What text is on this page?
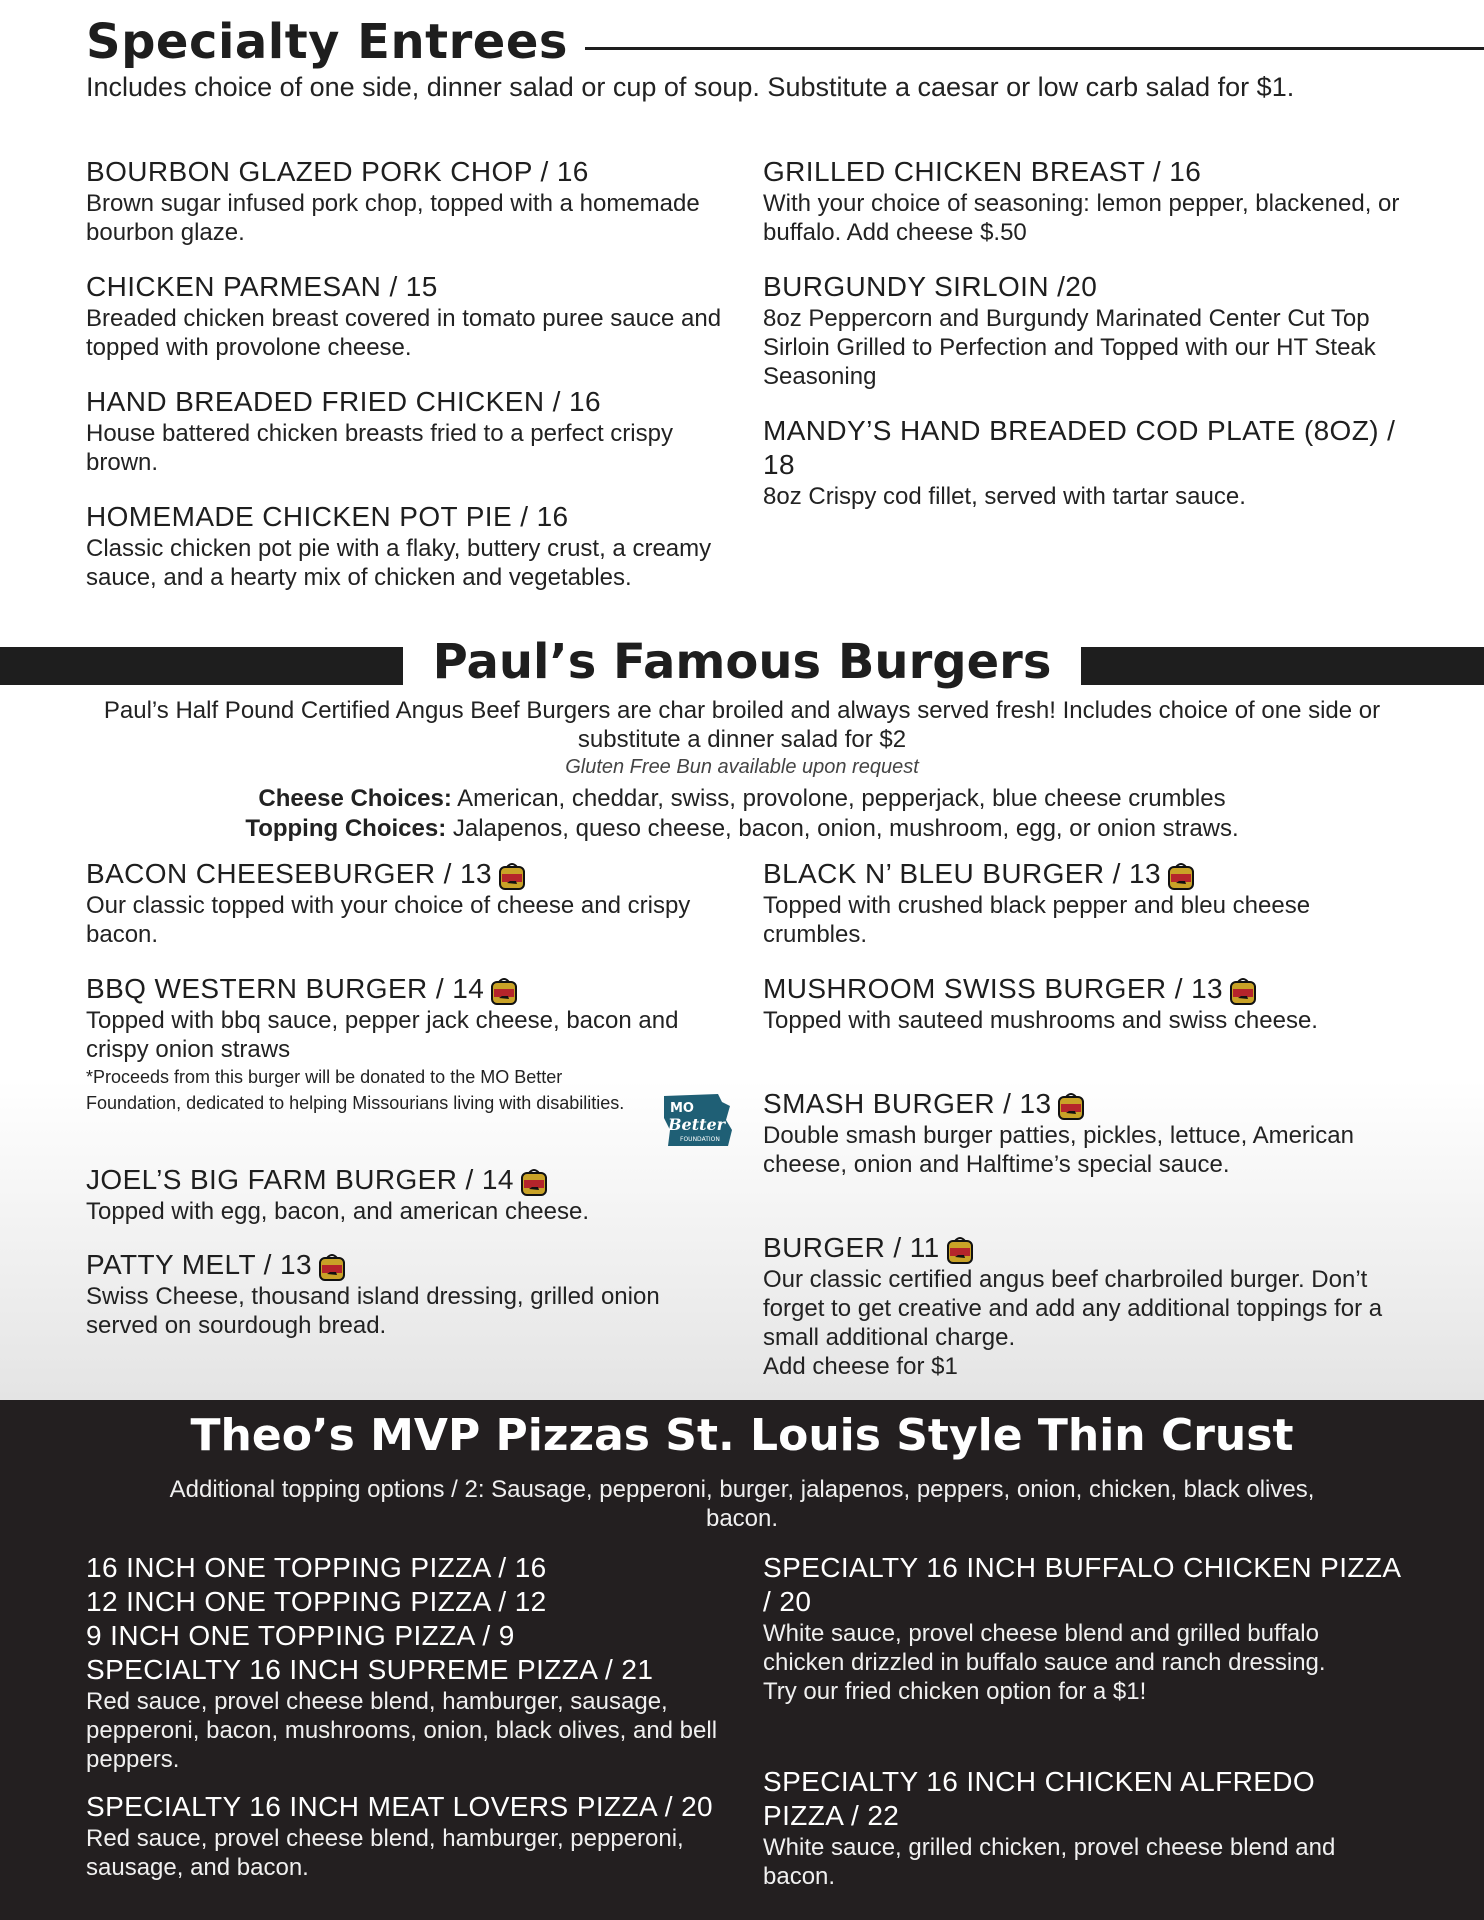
Specialty Entrees
Includes choice of one side, dinner salad or cup of soup. Substitute a caesar or low carb salad for $1.
BOURBON GLAZED PORK CHOP / 16
Brown sugar infused pork chop, topped with a homemade bourbon glaze.
CHICKEN PARMESAN / 15
Breaded chicken breast covered in tomato puree sauce and topped with provolone cheese.
HAND BREADED FRIED CHICKEN / 16
House battered chicken breasts fried to a perfect crispy brown.
HOMEMADE CHICKEN POT PIE / 16
Classic chicken pot pie with a flaky, buttery crust, a creamy sauce, and a hearty mix of chicken and vegetables.
GRILLED CHICKEN BREAST / 16
With your choice of seasoning: lemon pepper, blackened, or buffalo. Add cheese $.50
BURGUNDY SIRLOIN /20
8oz Peppercorn and Burgundy Marinated Center Cut Top Sirloin Grilled to Perfection and Topped with our HT Steak Seasoning
MANDY’S HAND BREADED COD PLATE (8OZ) / 18
8oz Crispy cod fillet, served with tartar sauce.
Paul’s Famous Burgers
Paul’s Half Pound Certified Angus Beef Burgers are char broiled and always served fresh! Includes choice of one side or substitute a dinner salad for $2
Gluten Free Bun available upon request
Cheese Choices: American, cheddar, swiss, provolone, pepperjack, blue cheese crumbles
Topping Choices: Jalapenos, queso cheese, bacon, onion, mushroom, egg, or onion straws.
BACON CHEESEBURGER / 13
Our classic topped with your choice of cheese and crispy bacon.
BBQ WESTERN BURGER / 14
Topped with bbq sauce, pepper jack cheese, bacon and crispy onion straws
*Proceeds from this burger will be donated to the MO Better Foundation, dedicated to helping Missourians living with disabilities.
JOEL’S BIG FARM BURGER / 14
Topped with egg, bacon, and american cheese.
PATTY MELT / 13
Swiss Cheese, thousand island dressing, grilled onion served on sourdough bread.
MO
Better
FOUNDATION
BLACK N’ BLEU BURGER / 13
Topped with crushed black pepper and bleu cheese crumbles.
MUSHROOM SWISS BURGER / 13
Topped with sauteed mushrooms and swiss cheese.
SMASH BURGER / 13
Double smash burger patties, pickles, lettuce, American cheese, onion and Halftime’s special sauce.
BURGER / 11
Our classic certified angus beef charbroiled burger. Don’t forget to get creative and add any additional toppings for a small additional charge.
Add cheese for $1
Theo’s MVP Pizzas St. Louis Style Thin Crust
Additional topping options / 2: Sausage, pepperoni, burger, jalapenos, peppers, onion, chicken, black olives, bacon.
16 INCH ONE TOPPING PIZZA / 16
12 INCH ONE TOPPING PIZZA / 12
9 INCH ONE TOPPING PIZZA / 9
SPECIALTY 16 INCH SUPREME PIZZA / 21
Red sauce, provel cheese blend, hamburger, sausage, pepperoni, bacon, mushrooms, onion, black olives, and bell peppers.
SPECIALTY 16 INCH MEAT LOVERS PIZZA / 20
Red sauce, provel cheese blend, hamburger, pepperoni, sausage, and bacon.
SPECIALTY 16 INCH BUFFALO CHICKEN PIZZA / 20
White sauce, provel cheese blend and grilled buffalo chicken drizzled in buffalo sauce and ranch dressing.
Try our fried chicken option for a $1!
SPECIALTY 16 INCH CHICKEN ALFREDO PIZZA / 22
White sauce, grilled chicken, provel cheese blend and bacon.
